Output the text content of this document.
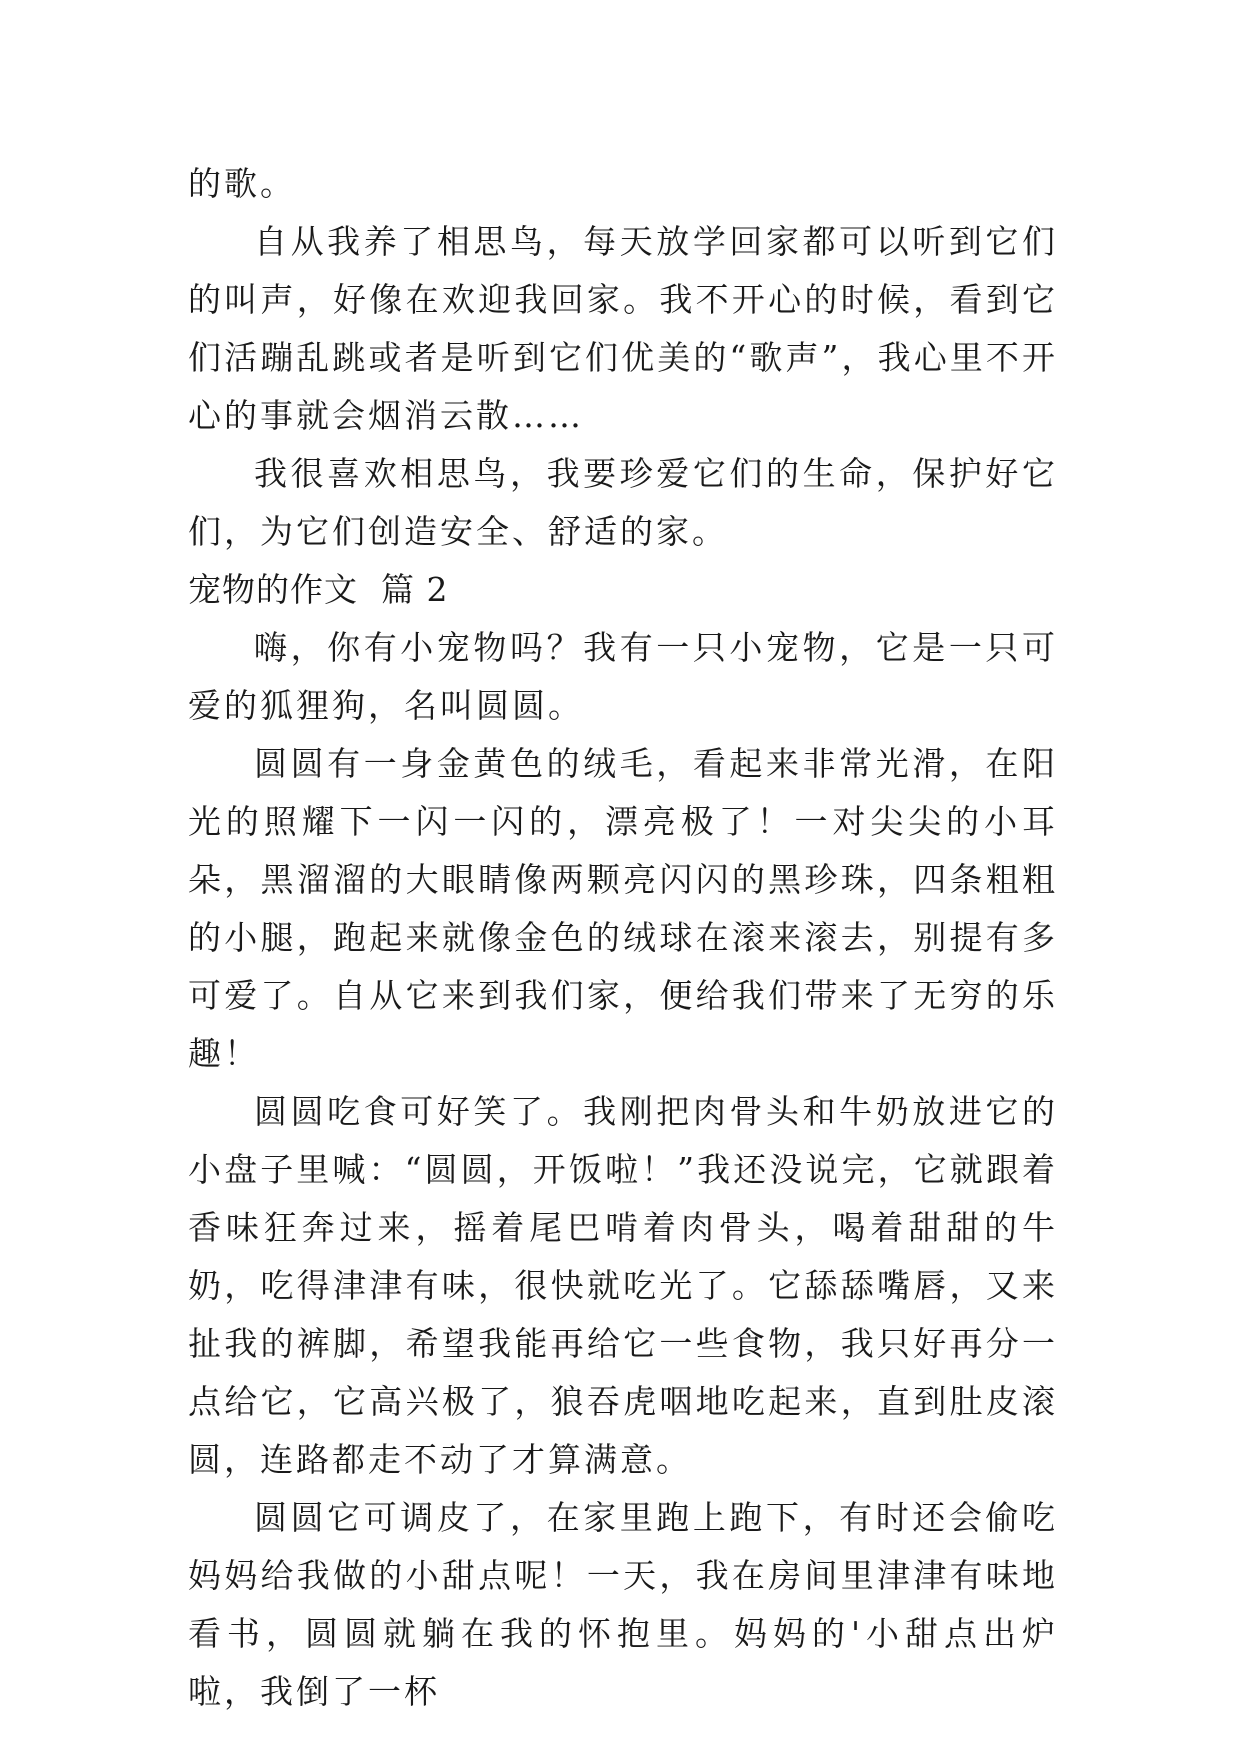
的歌。

自从我养了相思鸟，每天放学回家都可以听到它们的叫声，好像在欢迎我回家。我不开心的时候，看到它们活蹦乱跳或者是听到它们优美的“歌声”，我心里不开心的事就会烟消云散……

我很喜欢相思鸟，我要珍爱它们的生命，保护好它们，为它们创造安全、舒适的家。

宠物的作文  篇 2

嗨，你有小宠物吗？我有一只小宠物，它是一只可爱的狐狸狗，名叫圆圆。

圆圆有一身金黄色的绒毛，看起来非常光滑，在阳光的照耀下一闪一闪的，漂亮极了！一对尖尖的小耳朵，黑溜溜的大眼睛像两颗亮闪闪的黑珍珠，四条粗粗的小腿，跑起来就像金色的绒球在滚来滚去，别提有多可爱了。自从它来到我们家，便给我们带来了无穷的乐趣！

圆圆吃食可好笑了。我刚把肉骨头和牛奶放进它的小盘子里喊：“圆圆，开饭啦！”我还没说完，它就跟着香味狂奔过来，摇着尾巴啃着肉骨头，喝着甜甜的牛奶，吃得津津有味，很快就吃光了。它舔舔嘴唇，又来扯我的裤脚，希望我能再给它一些食物，我只好再分一点给它，它高兴极了，狼吞虎咽地吃起来，直到肚皮滚圆，连路都走不动了才算满意。

圆圆它可调皮了，在家里跑上跑下，有时还会偷吃妈妈给我做的小甜点呢！一天，我在房间里津津有味地看书，圆圆就躺在我的怀抱里。妈妈的'小甜点出炉啦，我倒了一杯
